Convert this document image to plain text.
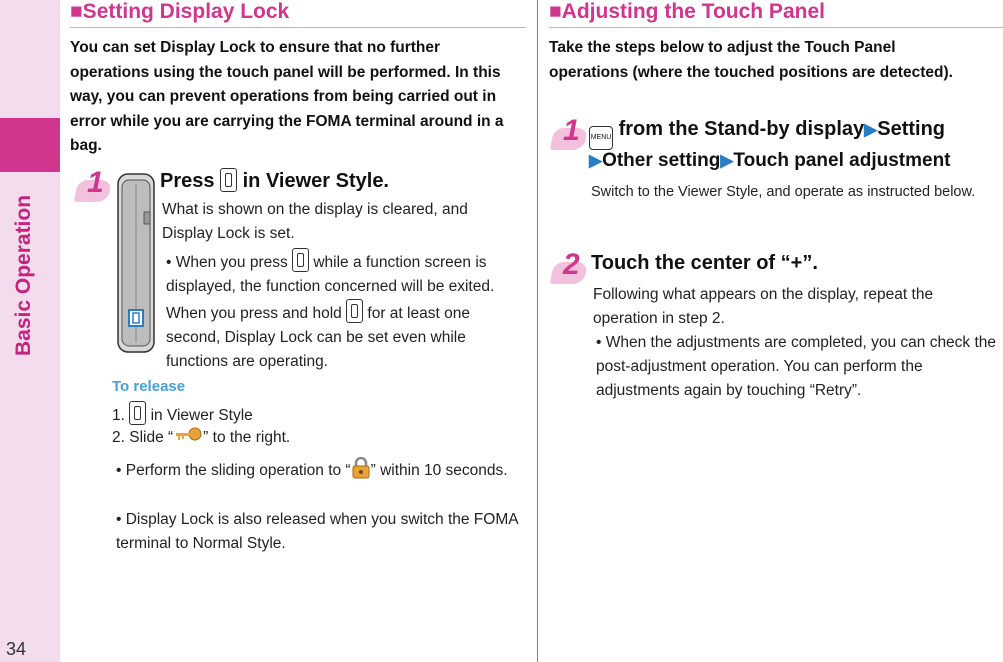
Basic Operation
34
■Setting Display Lock
You can set Display Lock to ensure that no further operations using the touch panel will be performed. In this way, you can prevent operations from being carried out in error while you are carrying the FOMA terminal around in a bag.
1	Press in Viewer Style.
What is shown on the display is cleared, and Display Lock is set.
• When you press while a function screen is displayed, the function concerned will be exited. When you press and hold for at least one second, Display Lock can be set even while functions are operating.
To release
1. in Viewer Style
2. Slide “ ” to the right.
• Perform the sliding operation to “ ” within 10 seconds.
• Display Lock is also released when you switch the FOMA terminal to Normal Style.
■Adjusting the Touch Panel
Take the steps below to adjust the Touch Panel operations (where the touched positions are detected).
1 MENU from the Stand-by display▶Setting
▶Other setting▶Touch panel adjustment
Switch to the Viewer Style, and operate as instructed below.
2 Touch the center of “+”.
Following what appears on the display, repeat the operation in step 2.
• When the adjustments are completed, you can check the post-adjustment operation. You can perform the adjustments again by touching “Retry”.
